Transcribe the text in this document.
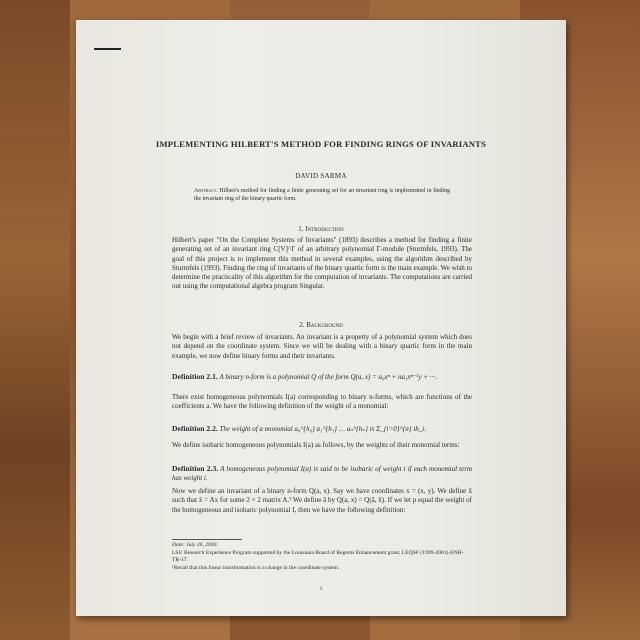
IMPLEMENTING HILBERT'S METHOD FOR FINDING RINGS OF INVARIANTS
DAVID SARMA
Abstract. Hilbert's method for finding a finite generating set for an invariant ring is implemented in finding the invariant ring of the binary quartic form.
1. Introduction
Hilbert's paper "On the Complete Systems of Invariants" (1893) describes a method for finding a finite generating set of an invariant ring C[V]^Γ of an arbitrary polynomial Γ-module (Sturmfels, 1993). The goal of this project is to implement this method in several examples, using the algorithm described by Sturmfels (1993). Finding the ring of invariants of the binary quartic form is the main example. We wish to determine the practicality of this algorithm for the computation of invariants. The computations are carried out using the computational algebra program Singular.
2. Background
We begin with a brief review of invariants. An invariant is a property of a polynomial system which does not depend on the coordinate system. Since we will be dealing with a binary quartic form in the main example, we now define binary forms and their invariants.
Definition 2.1. A binary n-form is a polynomial Q of the form Q(a, x) = a₀xⁿ + na₁xⁿ⁻¹y + ···.
There exist homogeneous polynomials I(a) corresponding to binary n-forms, which are functions of the coefficients a. We have the following definition of the weight of a monomial:
Definition 2.2. The weight of a monomial a₀^{h₀} a₁^{h₁} … aₙ^{hₙ} is Σ_{i=0}^{n} ih_i.
We define isobaric homogeneous polynomials I(a) as follows, by the weights of their monomial terms:
Definition 2.3. A homogeneous polynomial I(a) is said to be isobaric of weight i if each monomial term has weight i.
Now we define an invariant of a binary n-form Q(a, x). Say we have coordinates x = (x, y). We define x̄ such that x̄ = Ax for some 2 × 2 matrix A.¹ We define ā by Q(a, x) = Q(ā, x̄). If we let p equal the weight of the homogeneous and isobaric polynomial I, then we have the following definition:
Date: July 20, 2000.
LSU Research Experience Program supported by the Louisiana Board of Regents Enhancement grant, LEQSF (1999-2001)-ENH-TR-17.
¹Recall that this linear transformation is a change in the coordinate system.
1
